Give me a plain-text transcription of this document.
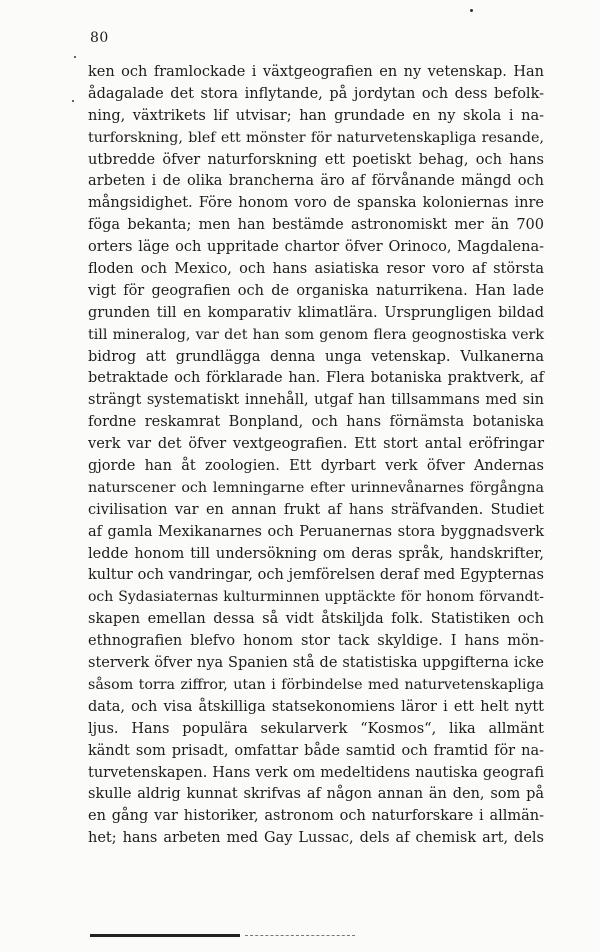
80
ken och framlockade i växtgeografien en ny vetenskap. Han
ådagalade det stora inflytande, på jordytan och dess befolk-
ning, växtrikets lif utvisar; han grundade en ny skola i na-
turforskning, blef ett mönster för naturvetenskapliga resande,
utbredde öfver naturforskning ett poetiskt behag, och hans
arbeten i de olika brancherna äro af förvånande mängd och
mångsidighet. Före honom voro de spanska koloniernas inre
föga bekanta; men han bestämde astronomiskt mer än 700
orters läge och uppritade chartor öfver Orinoco, Magdalena-
floden och Mexico, och hans asiatiska resor voro af största
vigt för geografien och de organiska naturrikena. Han lade
grunden till en komparativ klimatlära. Ursprungligen bildad
till mineralog, var det han som genom flera geognostiska verk
bidrog att grundlägga denna unga vetenskap. Vulkanerna
betraktade och förklarade han. Flera botaniska praktverk, af
strängt systematiskt innehåll, utgaf han tillsammans med sin
fordne reskamrat Bonpland, och hans förnämsta botaniska
verk var det öfver vextgeografien. Ett stort antal eröfringar
gjorde han åt zoologien. Ett dyrbart verk öfver Andernas
naturscener och lemningarne efter urinnevånarnes förgångna
civilisation var en annan frukt af hans sträfvanden. Studiet
af gamla Mexikanarnes och Peruanernas stora byggnadsverk
ledde honom till undersökning om deras språk, handskrifter,
kultur och vandringar, och jemförelsen deraf med Egypternas
och Sydasiaternas kulturminnen upptäckte för honom förvandt-
skapen emellan dessa så vidt åtskiljda folk. Statistiken och
ethnografien blefvo honom stor tack skyldige. I hans mön-
sterverk öfver nya Spanien stå de statistiska uppgifterna icke
såsom torra ziffror, utan i förbindelse med naturvetenskapliga
data, och visa åtskilliga statsekonomiens läror i ett helt nytt
ljus. Hans populära sekularverk “Kosmos“, lika allmänt
kändt som prisadt, omfattar både samtid och framtid för na-
turvetenskapen. Hans verk om medeltidens nautiska geografi
skulle aldrig kunnat skrifvas af någon annan än den, som på
en gång var historiker, astronom och naturforskare i allmän-
het; hans arbeten med Gay Lussac, dels af chemisk art, dels
